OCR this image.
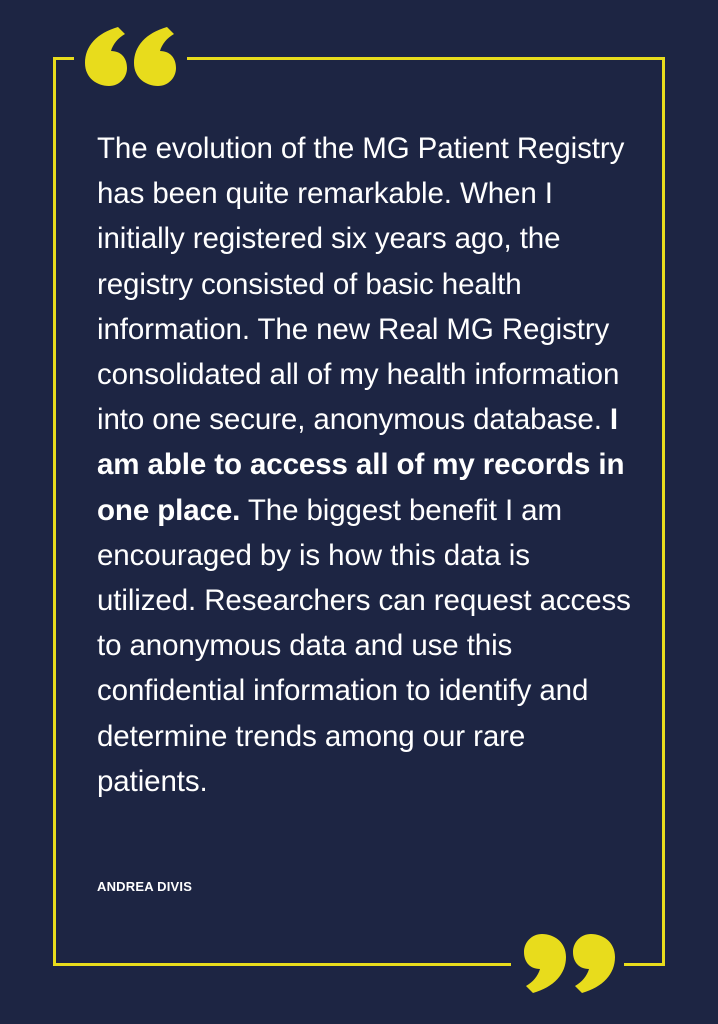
The evolution of the MG Patient Registry has been quite remarkable. When I initially registered six years ago, the registry consisted of basic health information. The new Real MG Registry consolidated all of my health information into one secure, anonymous database. I am able to access all of my records in one place. The biggest benefit I am encouraged by is how this data is utilized. Researchers can request access to anonymous data and use this confidential information to identify and determine trends among our rare patients.

ANDREA DIVIS
